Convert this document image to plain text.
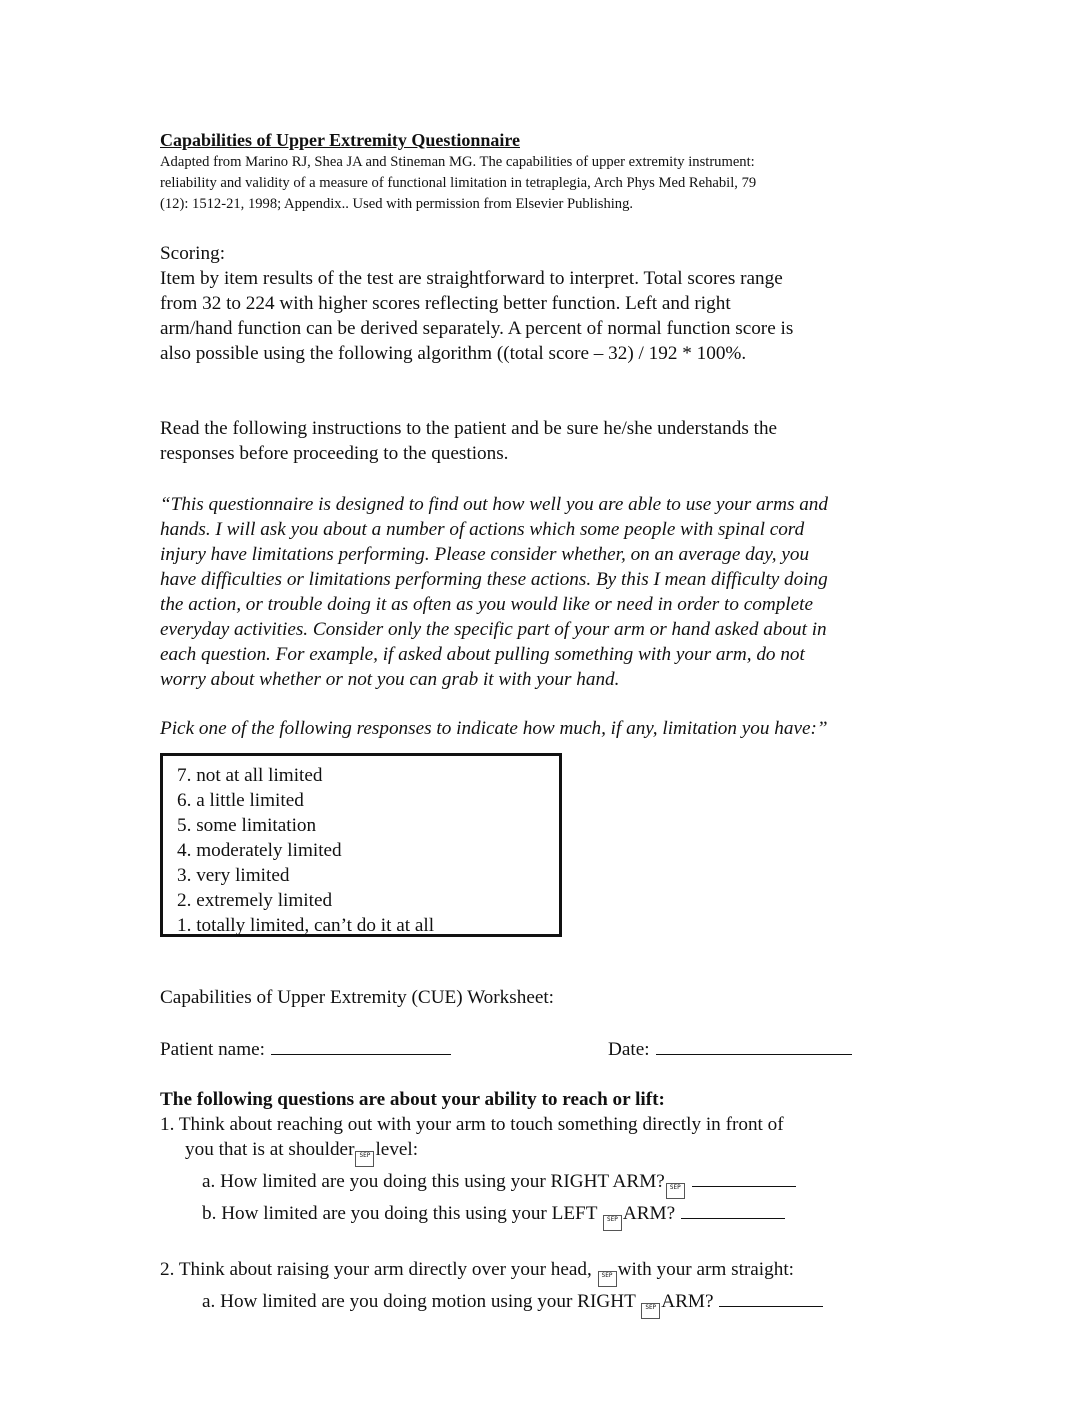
Capabilities of Upper Extremity Questionnaire

Adapted from Marino RJ, Shea JA and Stineman MG. The capabilities of upper extremity instrument:

reliability and validity of a measure of functional limitation in tetraplegia, Arch Phys Med Rehabil, 79

(12): 1512-21, 1998; Appendix.. Used with permission from Elsevier Publishing.

Scoring:

Item by item results of the test are straightforward to interpret. Total scores range

from 32 to 224 with higher scores reflecting better function. Left and right

arm/hand function can be derived separately. A percent of normal function score is

also possible using the following algorithm ((total score – 32) / 192 * 100%.

Read the following instructions to the patient and be sure he/she understands the

responses before proceeding to the questions.

“This questionnaire is designed to find out how well you are able to use your arms and

hands. I will ask you about a number of actions which some people with spinal cord

injury have limitations performing. Please consider whether, on an average day, you

have difficulties or limitations performing these actions. By this I mean difficulty doing

the action, or trouble doing it as often as you would like or need in order to complete

everyday activities. Consider only the specific part of your arm or hand asked about in

each question. For example, if asked about pulling something with your arm, do not

worry about whether or not you can grab it with your hand.

Pick one of the following responses to indicate how much, if any, limitation you have:”

7. not at all limited
6. a little limited
5. some limitation
4. moderately limited
3. very limited
2. extremely limited
1. totally limited, can’t do it at all
Capabilities of Upper Extremity (CUE) Worksheet:
Patient name:	Date:
The following questions are about your ability to reach or lift:
1. Think about reaching out with your arm to touch something directly in front of
you that is at shoulder SEP level:
a. How limited are you doing this using your RIGHT ARM? SEP
b. How limited are you doing this using your LEFT SEP ARM?
2. Think about raising your arm directly over your head, SEP with your arm straight:
a. How limited are you doing motion using your RIGHT SEP ARM?
